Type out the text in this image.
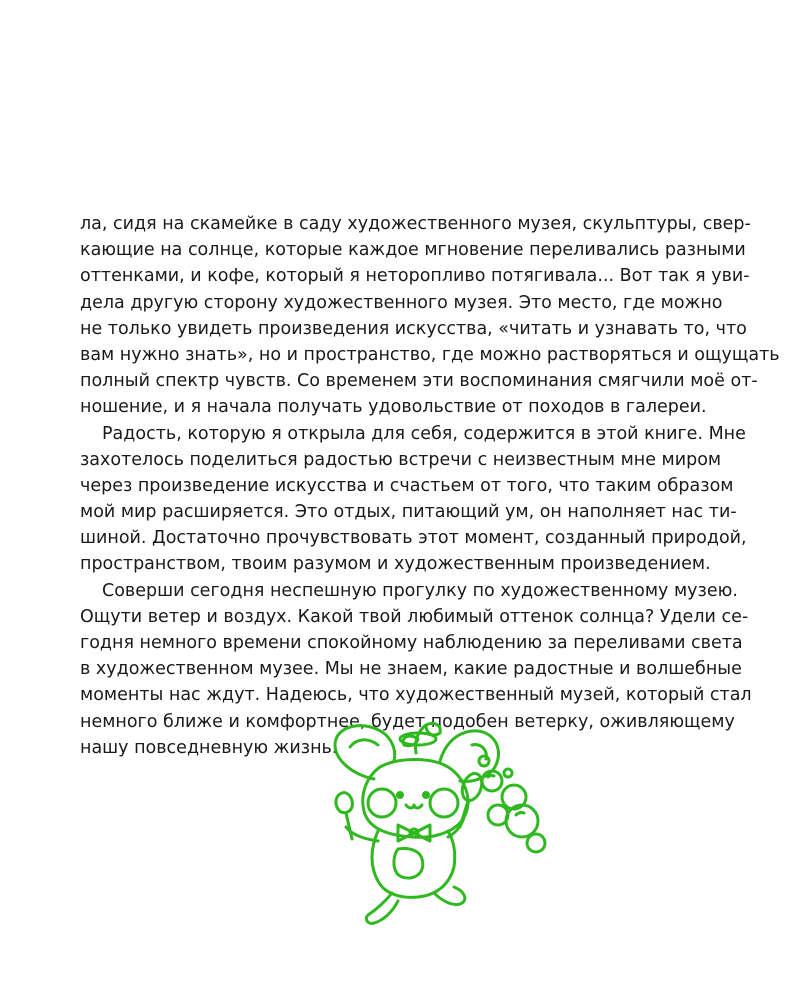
ла, сидя на скамейке в саду художественного музея, скульптуры, свер-
кающие на солнце, которые каждое мгновение переливались разными
оттенками, и кофе, который я неторопливо потягивала... Вот так я уви-
дела другую сторону художественного музея. Это место, где можно
не только увидеть произведения искусства, «читать и узнавать то, что
вам нужно знать», но и пространство, где можно растворяться и ощущать
полный спектр чувств. Со временем эти воспоминания смягчили моё от-
ношение, и я начала получать удовольствие от походов в галереи.
Радость, которую я открыла для себя, содержится в этой книге. Мне
захотелось поделиться радостью встречи с неизвестным мне миром
через произведение искусства и счастьем от того, что таким образом
мой мир расширяется. Это отдых, питающий ум, он наполняет нас ти-
шиной. Достаточно прочувствовать этот момент, созданный природой,
пространством, твоим разумом и художественным произведением.
Соверши сегодня неспешную прогулку по художественному музею.
Ощути ветер и воздух. Какой твой любимый оттенок солнца? Удели се-
годня немного времени спокойному наблюдению за переливами света
в художественном музее. Мы не знаем, какие радостные и волшебные
моменты нас ждут. Надеюсь, что художественный музей, который стал
немного ближе и комфортнее, будет подобен ветерку, оживляющему
нашу повседневную жизнь.
